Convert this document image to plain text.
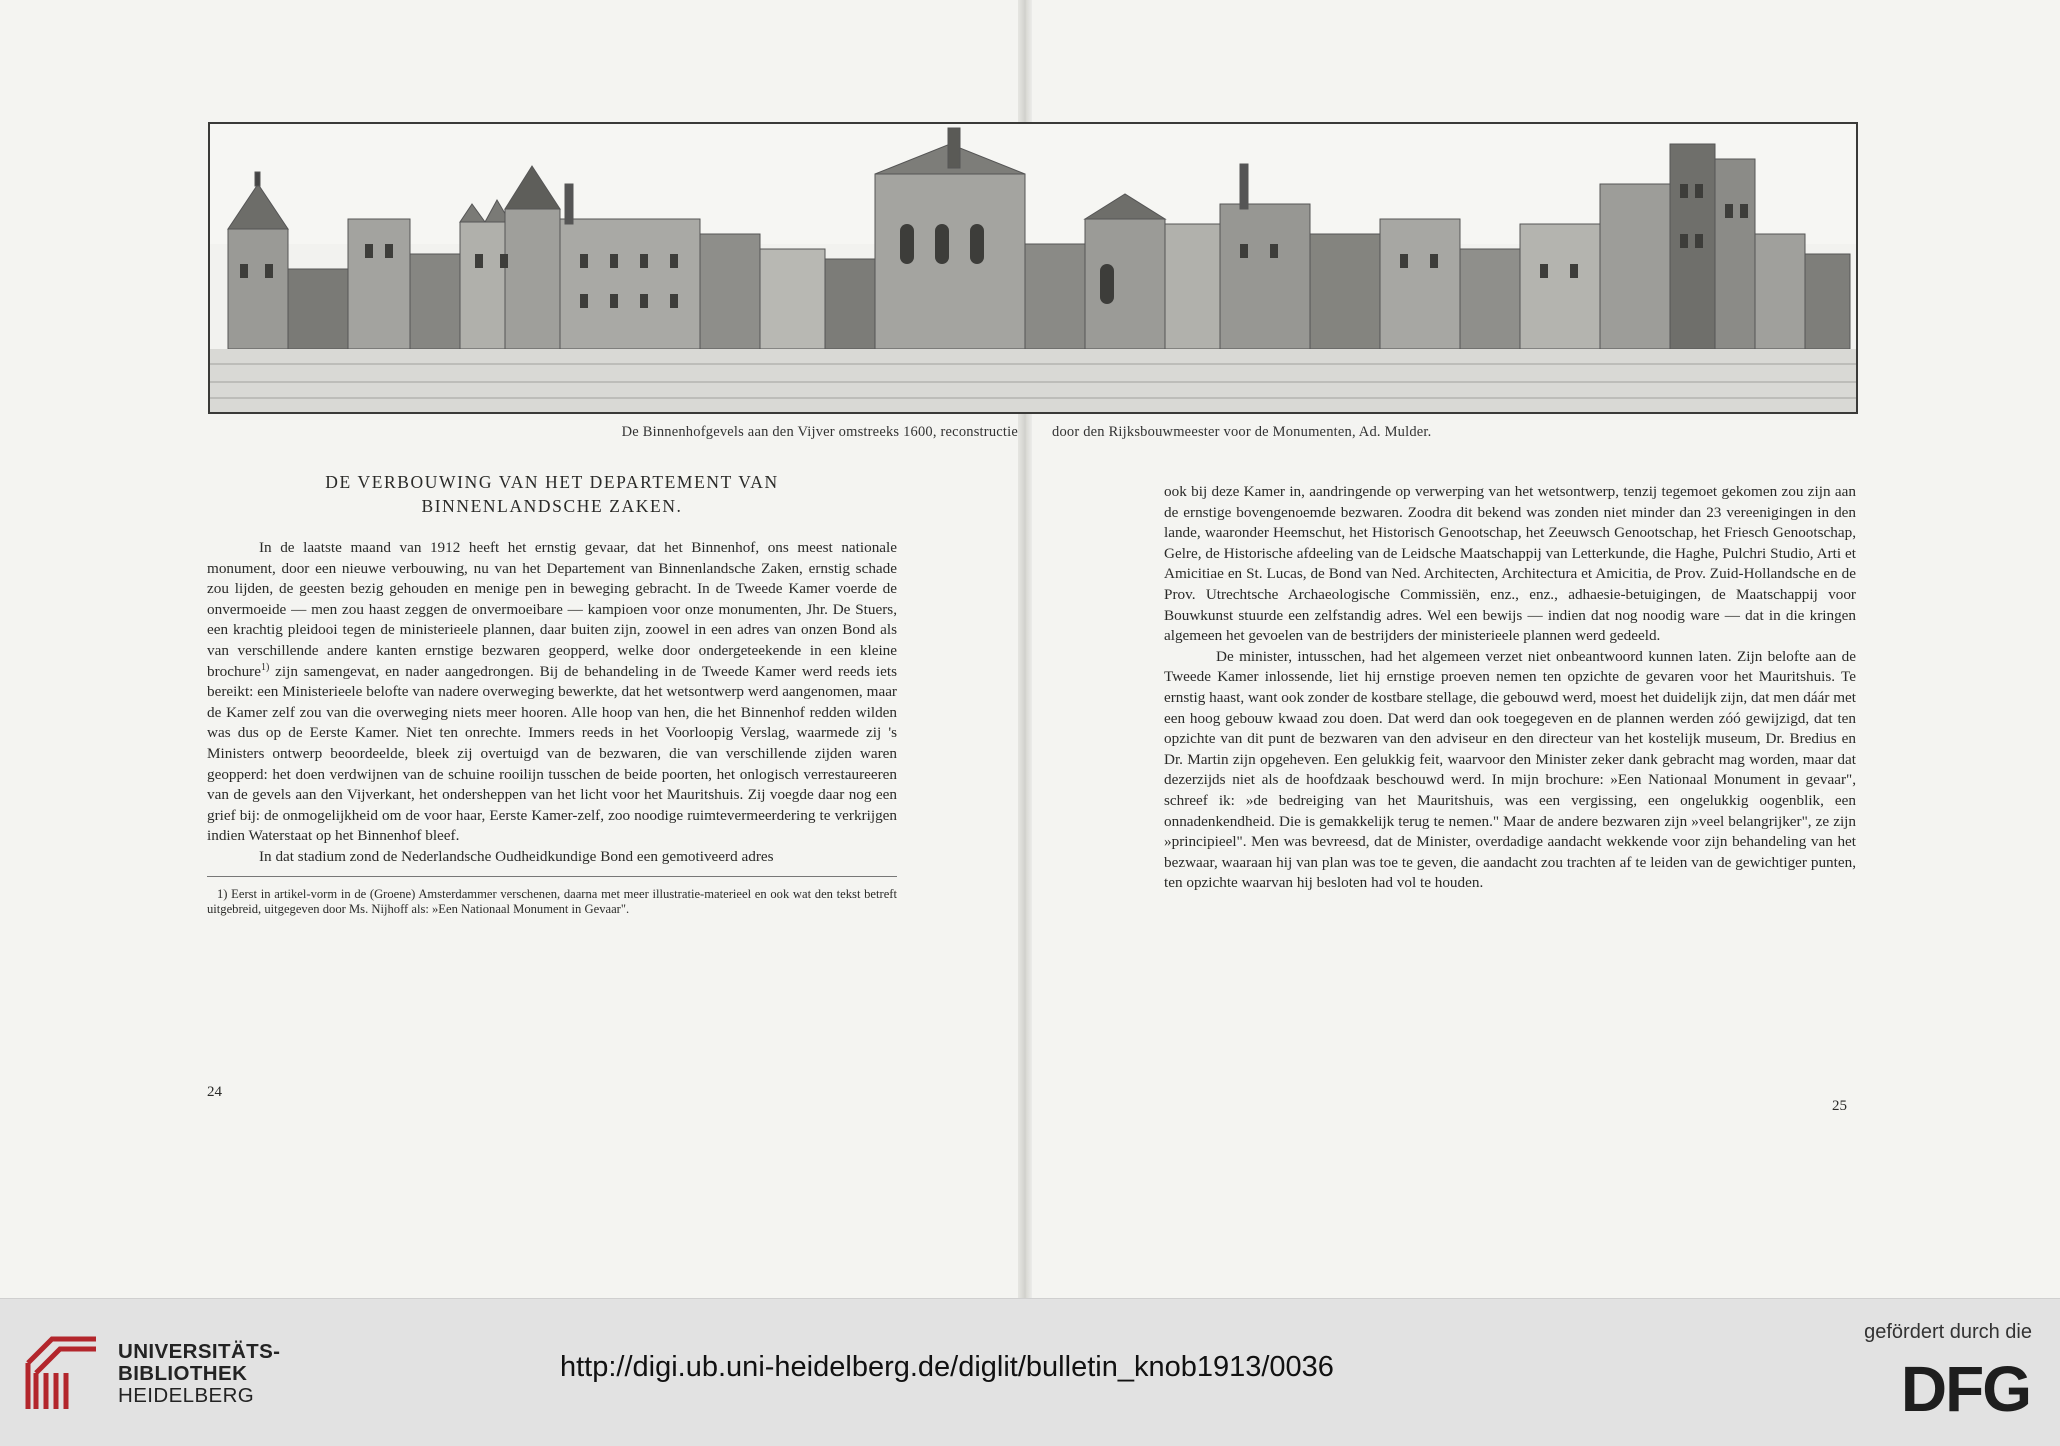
De Binnenhofgevels aan den Vijver omstreeks 1600, reconstructie door den Rijksbouwmeester voor de Monumenten, Ad. Mulder.
DE VERBOUWING VAN HET DEPARTEMENT VAN
BINNENLANDSCHE ZAKEN.

In de laatste maand van 1912 heeft het ernstig gevaar, dat het Binnenhof, ons meest nationale monument, door een nieuwe verbouwing, nu van het Departement van Binnenlandsche Zaken, ernstig schade zou lijden, de geesten bezig gehouden en menige pen in beweging gebracht. In de Tweede Kamer voerde de onvermoeide — men zou haast zeggen de onvermoeibare — kampioen voor onze monumenten, Jhr. De Stuers, een krachtig pleidooi tegen de ministerieele plannen, daar buiten zijn, zoowel in een adres van onzen Bond als van verschillende andere kanten ernstige bezwaren geopperd, welke door ondergeteekende in een kleine brochure$^{1)}$ zijn samengevat, en nader aangedrongen. Bij de behandeling in de Tweede Kamer werd reeds iets bereikt: een Ministerieele belofte van nadere overweging bewerkte, dat het wetsontwerp werd aangenomen, maar de Kamer zelf zou van die overweging niets meer hooren. Alle hoop van hen, die het Binnenhof redden wilden was dus op de Eerste Kamer. Niet ten onrechte. Immers reeds in het Voorloopig Verslag, waarmede zij 's Ministers ontwerp beoordeelde, bleek zij overtuigd van de bezwaren, die van verschillende zijden waren geopperd: het doen verdwijnen van de schuine rooilijn tusschen de beide poorten, het onlogisch verrestaureeren van de gevels aan den Vijverkant, het ondersheppen van het licht voor het Mauritshuis. Zij voegde daar nog een grief bij: de onmogelijkheid om de voor haar, Eerste Kamer-zelf, zoo noodige ruimtevermeerdering te verkrijgen indien Waterstaat op het Binnenhof bleef.

In dat stadium zond de Nederlandsche Oudheidkundige Bond een gemotiveerd adres

1) Eerst in artikel-vorm in de (Groene) Amsterdammer verschenen, daarna met meer illustratie-materieel en ook wat den tekst betreft uitgebreid, uitgegeven door Ms. Nijhoff als: »Een Nationaal Monument in Gevaar".

24

ook bij deze Kamer in, aandringende op verwerping van het wetsontwerp, tenzij tegemoet gekomen zou zijn aan de ernstige bovengenoemde bezwaren. Zoodra dit bekend was zonden niet minder dan 23 vereenigingen in den lande, waaronder Heemschut, het Historisch Genootschap, het Zeeuwsch Genootschap, het Friesch Genootschap, Gelre, de Historische afdeeling van de Leidsche Maatschappij van Letterkunde, die Haghe, Pulchri Studio, Arti et Amicitiae en St. Lucas, de Bond van Ned. Architecten, Architectura et Amicitia, de Prov. Zuid-Hollandsche en de Prov. Utrechtsche Archaeologische Commissiën, enz., enz., adhaesie-betuigingen, de Maatschappij voor Bouwkunst stuurde een zelfstandig adres. Wel een bewijs — indien dat nog noodig ware — dat in die kringen algemeen het gevoelen van de bestrijders der ministerieele plannen werd gedeeld.

De minister, intusschen, had het algemeen verzet niet onbeantwoord kunnen laten. Zijn belofte aan de Tweede Kamer inlossende, liet hij ernstige proeven nemen ten opzichte de gevaren voor het Mauritshuis. Te ernstig haast, want ook zonder de kostbare stellage, die gebouwd werd, moest het duidelijk zijn, dat men dáár met een hoog gebouw kwaad zou doen. Dat werd dan ook toegegeven en de plannen werden zóó gewijzigd, dat ten opzichte van dit punt de bezwaren van den adviseur en den directeur van het kostelijk museum, Dr. Bredius en Dr. Martin zijn opgeheven. Een gelukkig feit, waarvoor den Minister zeker dank gebracht mag worden, maar dat dezerzijds niet als de hoofdzaak beschouwd werd. In mijn brochure: »Een Nationaal Monument in gevaar", schreef ik: »de bedreiging van het Mauritshuis, was een vergissing, een ongelukkig oogenblik, een onnadenkendheid. Die is gemakkelijk terug te nemen." Maar de andere bezwaren zijn »veel belangrijker", ze zijn »principieel". Men was bevreesd, dat de Minister, overdadige aandacht wekkende voor zijn behandeling van het bezwaar, waaraan hij van plan was toe te geven, die aandacht zou trachten af te leiden van de gewichtiger punten, ten opzichte waarvan hij besloten had vol te houden.

25
UNIVERSITÄTS-
BIBLIOTHEK
HEIDELBERG
http://digi.ub.uni-heidelberg.de/diglit/bulletin_knob1913/0036
gefördert durch die
DFG
